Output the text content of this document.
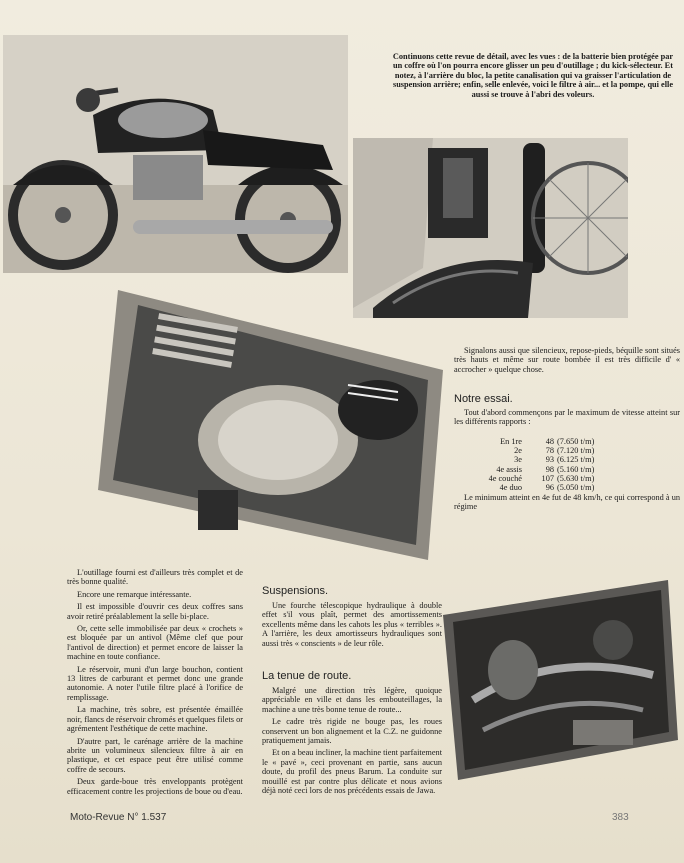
Continuons cette revue de détail, avec les vues : de la batterie bien protégée par un coffre où l'on pourra encore glisser un peu d'outillage ; du kick-sélecteur. Et notez, à l'arrière du bloc, la petite canalisation qui va graisser l'articulation de suspension arrière; enfin, selle enlevée, voici le filtre à air... et la pompe, qui elle aussi se trouve à l'abri des voleurs.

Signalons aussi que silencieux, repose-pieds, béquille sont situés très hauts et même sur route bombée il est très difficile d' « accrocher » quelque chose.

Notre essai.

Tout d'abord commençons par le maximum de vitesse atteint sur les différents rapports :

En 1re	48	(7.650 t/m)
2e	78	(7.120 t/m)
3e	93	(6.125 t/m)
4e assis	98	(5.160 t/m)
4e couché	107	(5.630 t/m)
4e duo	96	(5.050 t/m)

Le minimum atteint en 4e fut de 48 km/h, ce qui correspond à un régime

L'outillage fourni est d'ailleurs très complet et de très bonne qualité.

Encore une remarque intéressante.

Il est impossible d'ouvrir ces deux coffres sans avoir retiré préalablement la selle bi-place.

Or, cette selle immobilisée par deux « crochets » est bloquée par un antivol (Même clef que pour l'antivol de direction) et permet encore de laisser la machine en toute confiance.

Le réservoir, muni d'un large bouchon, contient 13 litres de carburant et permet donc une grande autonomie. A noter l'utile filtre placé à l'orifice de remplissage.

La machine, très sobre, est présentée émaillée noir, flancs de réservoir chromés et quelques filets or agrémentent l'esthétique de cette machine.

D'autre part, le carénage arrière de la machine abrite un volumineux silencieux filtre à air en plastique, et cet espace peut être utilisé comme coffre de secours.

Deux garde-boue très enveloppants protègent efficacement contre les projections de boue ou d'eau.

Suspensions.

Une fourche télescopique hydraulique à double effet s'il vous plaît, permet des amortissements excellents même dans les cahots les plus « terribles ». A l'arrière, les deux amortisseurs hydrauliques sont aussi très « conscients » de leur rôle.

La tenue de route.

Malgré une direction très légère, quoique appréciable en ville et dans les embouteillages, la machine a une très bonne tenue de route...

Le cadre très rigide ne bouge pas, les roues conservent un bon alignement et la C.Z. ne guidonne pratiquement jamais.

Et on a beau incliner, la machine tient parfaitement le « pavé », ceci provenant en partie, sans aucun doute, du profil des pneus Barum. La conduite sur mouillé est par contre plus délicate et nous avions déjà noté ceci lors de nos précédents essais de Jawa.

Moto-Revue N° 1.537	383
